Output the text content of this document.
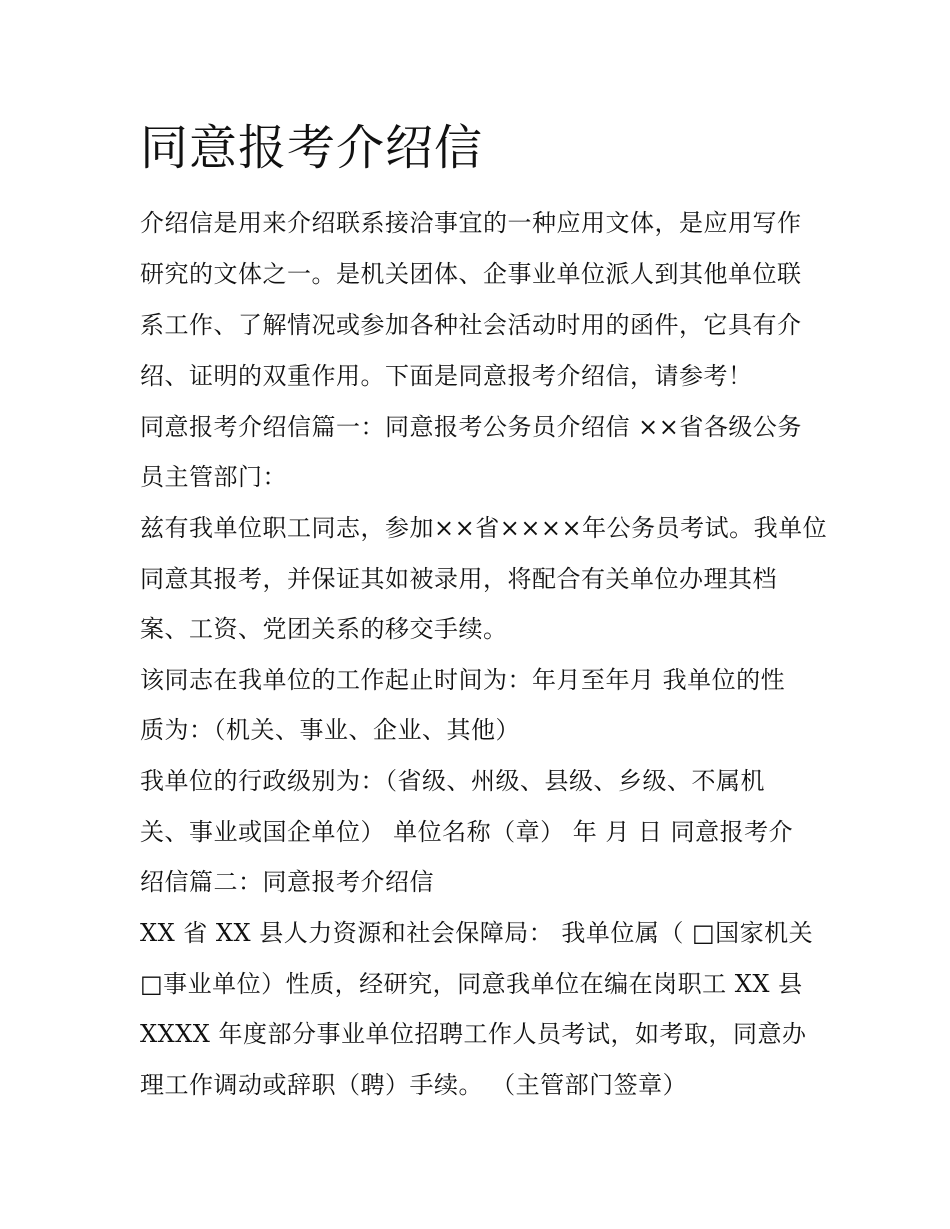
同意报考介绍信
介绍信是用来介绍联系接洽事宜的一种应用文体，是应用写作
研究的文体之一。是机关团体、企事业单位派人到其他单位联
系工作、了解情况或参加各种社会活动时用的函件，它具有介
绍、证明的双重作用。下面是同意报考介绍信，请参考！
同意报考介绍信篇一：同意报考公务员介绍信 ××省各级公务
员主管部门：
兹有我单位职工同志，参加××省××××年公务员考试。我单位
同意其报考，并保证其如被录用，将配合有关单位办理其档
案、工资、党团关系的移交手续。
该同志在我单位的工作起止时间为：年月至年月 我单位的性
质为：（机关、事业、企业、其他）
我单位的行政级别为：（省级、州级、县级、乡级、不属机
关、事业或国企单位） 单位名称（章） 年 月 日 同意报考介
绍信篇二：同意报考介绍信
XX 省 XX 县人力资源和社会保障局： 我单位属（ □国家机关
□事业单位）性质，经研究，同意我单位在编在岗职工 XX 县
XXXX 年度部分事业单位招聘工作人员考试，如考取，同意办
理工作调动或辞职（聘）手续。 （主管部门签章）
